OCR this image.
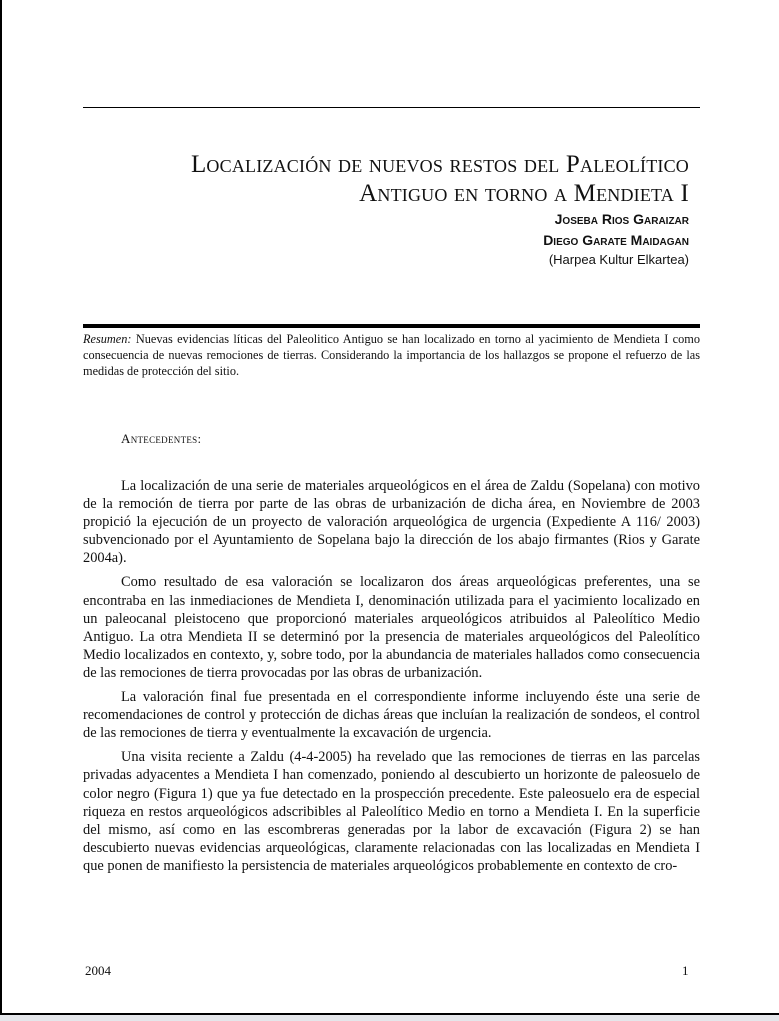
Localización de nuevos restos del Paleolítico
Antiguo en torno a Mendieta I
Joseba Rios Garaizar
Diego Garate Maidagan
(Harpea Kultur Elkartea)
Resumen: Nuevas evidencias líticas del Paleolitico Antiguo se han localizado en torno al yacimiento de Mendieta I como consecuencia de nuevas remociones de tierras. Considerando la importancia de los hallazgos se propone el refuerzo de las medidas de protección del sitio.
Antecedentes:

La localización de una serie de materiales arqueológicos en el área de Zaldu (Sopelana) con motivo de la remoción de tierra por parte de las obras de urbanización de dicha área, en Noviembre de 2003 propició la ejecución de un proyecto de valoración arqueológica de urgencia (Expediente A 116/ 2003) subvencionado por el Ayuntamiento de Sopelana bajo la dirección de los abajo firmantes (Rios y Garate 2004a).

Como resultado de esa valoración se localizaron dos áreas arqueológicas preferentes, una se encontraba en las inmediaciones de Mendieta I, denominación utilizada para el yacimiento localizado en un paleocanal pleistoceno que proporcionó materiales arqueológicos atribuidos al Paleolítico Medio Antiguo. La otra Mendieta II se determinó por la presencia de materiales arqueológicos del Paleolítico Medio localizados en contexto, y, sobre todo, por la abundancia de materiales hallados como consecuencia de las remociones de tierra provocadas por las obras de urbanización.

La valoración final fue presentada en el correspondiente informe incluyendo éste una serie de recomendaciones de control y protección de dichas áreas que incluían la realización de sondeos, el control de las remociones de tierra y eventualmente la excavación de urgencia.

Una visita reciente a Zaldu (4-4-2005) ha revelado que las remociones de tierras en las parcelas privadas adyacentes a Mendieta I han comenzado, poniendo al descubierto un horizonte de paleosuelo de color negro (Figura 1) que ya fue detectado en la prospección precedente. Este paleosuelo era de especial riqueza en restos arqueológicos adscribibles al Paleolítico Medio en torno a Mendieta I. En la superficie del mismo, así como en las escombreras generadas por la labor de excavación (Figura 2) se han descubierto nuevas evidencias arqueológicas, claramente relacionadas con las localizadas en Mendieta I que ponen de manifiesto la persistencia de materiales arqueológicos probablemente en contexto de cro-

2004	1
